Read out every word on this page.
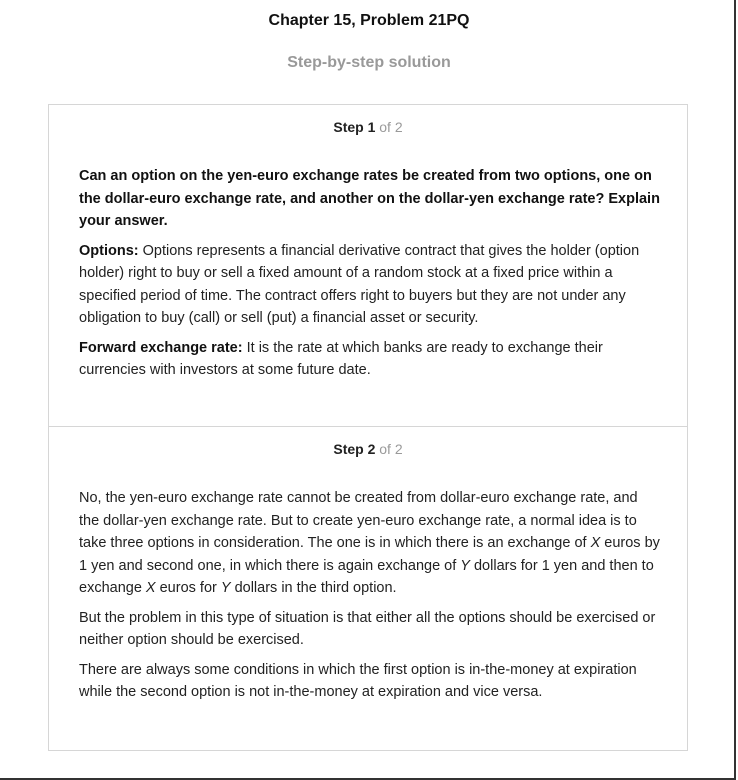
Chapter 15, Problem 21PQ
Step-by-step solution
Step 1 of 2

Can an option on the yen-euro exchange rates be created from two options, one on the dollar-euro exchange rate, and another on the dollar-yen exchange rate? Explain your answer.

Options: Options represents a financial derivative contract that gives the holder (option holder) right to buy or sell a fixed amount of a random stock at a fixed price within a specified period of time. The contract offers right to buyers but they are not under any obligation to buy (call) or sell (put) a financial asset or security.

Forward exchange rate: It is the rate at which banks are ready to exchange their currencies with investors at some future date.

Step 2 of 2

No, the yen-euro exchange rate cannot be created from dollar-euro exchange rate, and the dollar-yen exchange rate. But to create yen-euro exchange rate, a normal idea is to take three options in consideration. The one is in which there is an exchange of X euros by 1 yen and second one, in which there is again exchange of Y dollars for 1 yen and then to exchange X euros for Y dollars in the third option.

But the problem in this type of situation is that either all the options should be exercised or neither option should be exercised.

There are always some conditions in which the first option is in-the-money at expiration while the second option is not in-the-money at expiration and vice versa.
